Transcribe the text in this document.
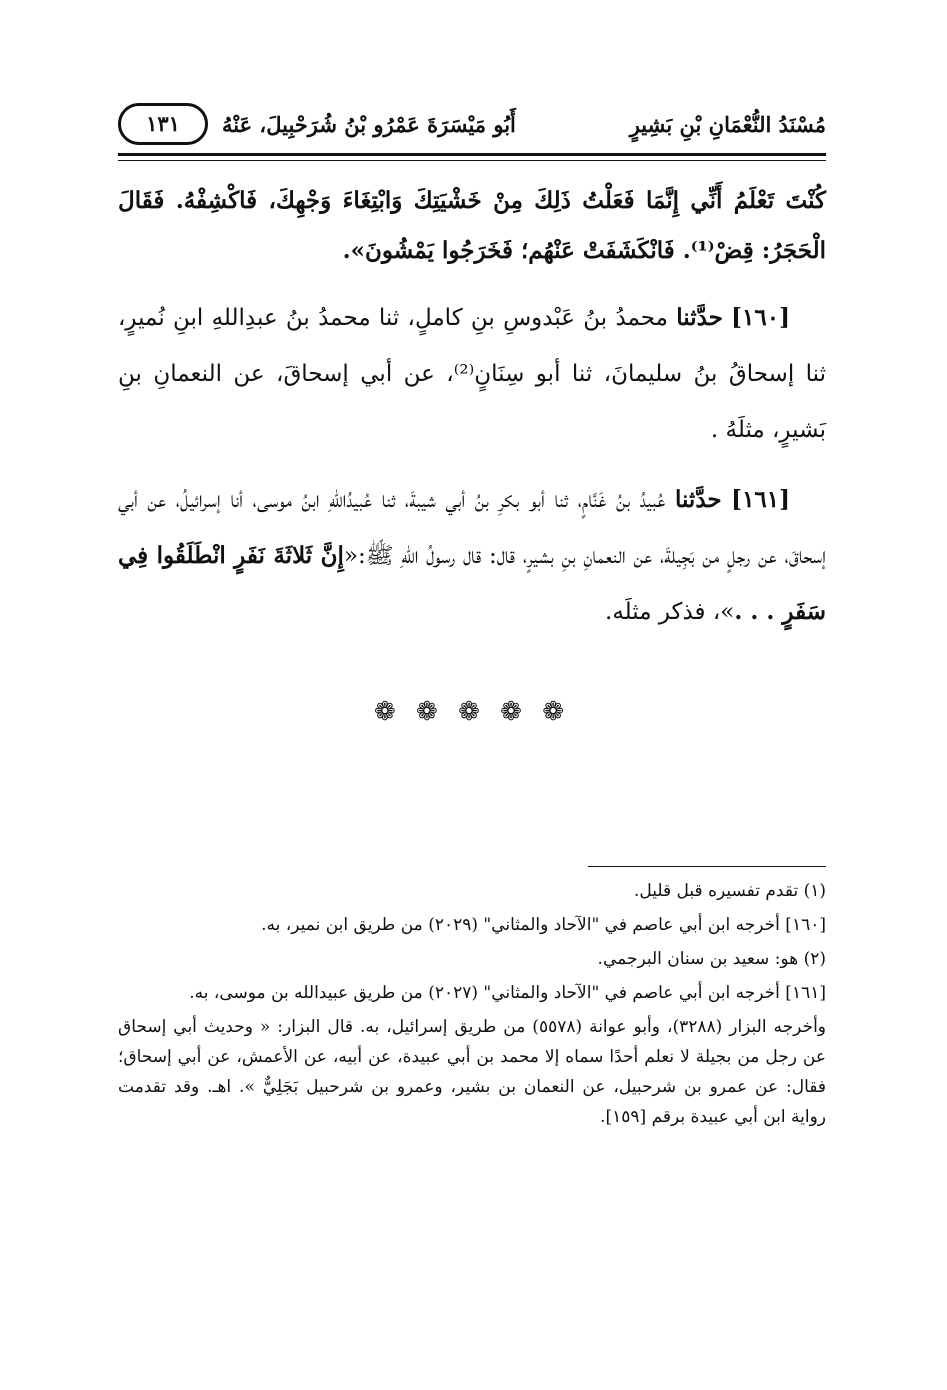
مُسْنَدُ النُّعْمَانِ بْنِ بَشِيرٍ
أَبُو مَيْسَرَةَ عَمْرُو بْنُ شُرَحْبِيلَ، عَنْهُ
١٣١

كُنْتَ تَعْلَمُ أَنِّي إِنَّمَا فَعَلْتُ ذَلِكَ مِنْ خَشْيَتِكَ وَابْتِغَاءَ وَجْهِكَ، فَاكْشِفْهُ. فَقَالَ الْحَجَرُ: قِضْ⁽¹⁾. فَانْكَشَفَتْ عَنْهُم؛ فَخَرَجُوا يَمْشُونَ».

[١٦٠] حدَّثنا محمدُ بنُ عَبْدوسِ بنِ كاملٍ، ثنا محمدُ بنُ عبدِاللهِ ابنِ نُميرٍ، ثنا إسحاقُ بنُ سليمانَ، ثنا أبو سِنَانٍ⁽²⁾، عن أبي إسحاقَ، عن النعمانِ بنِ بَشيرٍ، مثلَهُ .

[١٦١] حدَّثنا عُبيدُ بنُ غَنَّامٍ، ثنا أبو بكرِ بنُ أبي شيبةَ، ثنا عُبيدُاللهِ ابنُ موسى، أنا إسرائيلُ، عن أبي إسحاقَ، عن رجلٍ من بَجِيلةَ، عن النعمانِ بنِ بشيرٍ، قال: قال رسولُ اللهِ ﷺ:«إِنَّ ثَلاثَةَ نَفَرٍ انْطَلَقُوا فِي سَفَرٍ . . .»، فذكر مثلَه.

❁ ❁ ❁ ❁ ❁

(١) تقدم تفسيره قبل قليل.

[١٦٠] أخرجه ابن أبي عاصم في "الآحاد والمثاني" (٢٠٢٩) من طريق ابن نمير، به.

(٢) هو: سعيد بن سنان البرجمي.

[١٦١] أخرجه ابن أبي عاصم في "الآحاد والمثاني" (٢٠٢٧) من طريق عبيدالله بن موسى، به.

وأخرجه البزار (٣٢٨٨)، وأبو عوانة (٥٥٧٨) من طريق إسرائيل، به. قال البزار: « وحديث أبي إسحاق عن رجل من بجيلة لا نعلم أحدًا سماه إلا محمد بن أبي عبيدة، عن أبيه، عن الأعمش، عن أبي إسحاق؛ فقال: عن عمرو بن شرحبيل، عن النعمان بن بشير، وعمرو بن شرحبيل بَجَلِيٌّ ». اهـ. وقد تقدمت رواية ابن أبي عبيدة برقم [١٥٩].
